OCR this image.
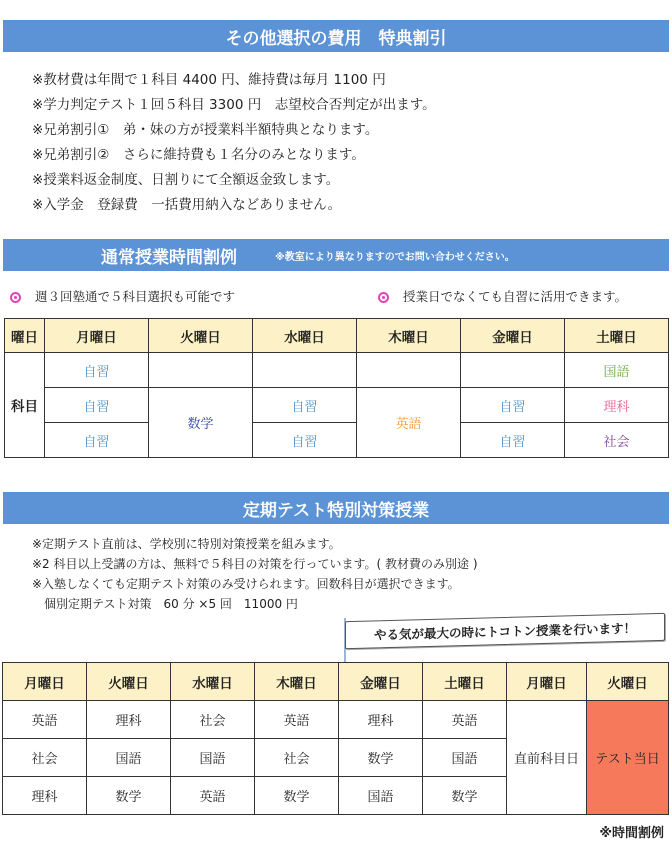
その他選択の費用　特典割引
※教材費は年間で１科目 4400 円、維持費は毎月 1100 円
※学力判定テスト１回５科目 3300 円　志望校合否判定が出ます。
※兄弟割引①　弟・妹の方が授業料半額特典となります。
※兄弟割引②　さらに維持費も１名分のみとなります。
※授業料返金制度、日割りにて全額返金致します。
※入学金　登録費　一括費用納入などありません。
通常授業時間割例	※教室により異なりますのでお問い合わせください。
週３回塾通で５科目選択も可能です	授業日でなくても自習に活用できます。
曜日	月曜日	火曜日	水曜日	木曜日	金曜日	土曜日
科目	自習					国語
	自習	数学	自習	英語	自習	理科
	自習		自習		自習	社会
定期テスト特別対策授業
※定期テスト直前は、学校別に特別対策授業を組みます。
※2 科目以上受講の方は、無料で５科目の対策を行っています。( 教材費のみ別途 )
※入塾しなくても定期テスト対策のみ受けられます。回数科目が選択できます。
個別定期テスト対策　60 分 ×5 回　11000 円
やる気が最大の時にトコトン授業を行います！
月曜日	火曜日	水曜日	木曜日	金曜日	土曜日	月曜日	火曜日
英語	理科	社会	英語	理科	英語	直前科目日	テスト当日
社会	国語	国語	社会	数学	国語		
理科	数学	英語	数学	国語	数学		
※時間割例
